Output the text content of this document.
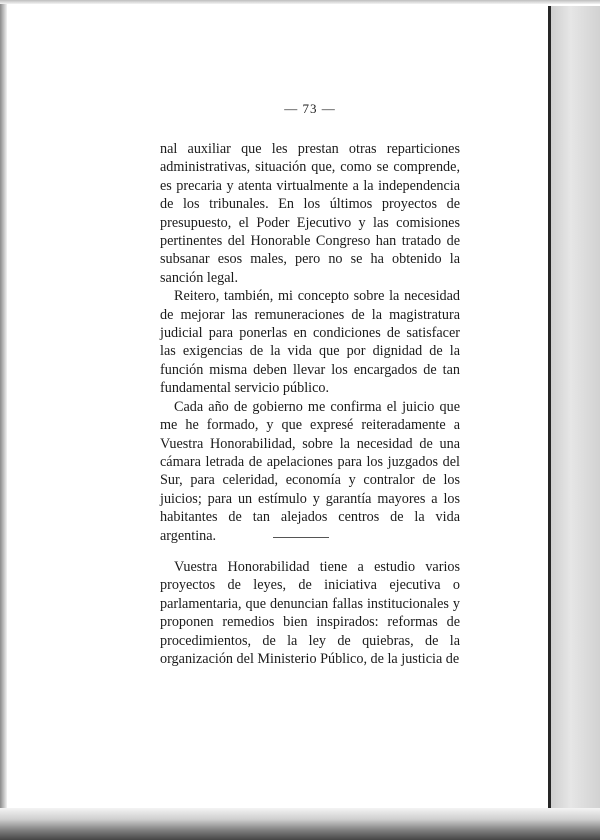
— 73 —

nal auxiliar que les prestan otras reparticiones administrativas, situación que, como se comprende, es precaria y atenta virtualmente a la independencia de los tribunales. En los últimos proyectos de presupuesto, el Poder Ejecutivo y las comisiones pertinentes del Honorable Congreso han tratado de subsanar esos males, pero no se ha obtenido la sanción legal.

Reitero, también, mi concepto sobre la necesidad de mejorar las remuneraciones de la magistratura judicial para ponerlas en condiciones de satisfacer las exigencias de la vida que por dignidad de la función misma deben llevar los encargados de tan fundamental servicio público.

Cada año de gobierno me confirma el juicio que me he formado, y que expresé reiteradamente a Vuestra Honorabilidad, sobre la necesidad de una cámara letrada de apelaciones para los juzgados del Sur, para celeridad, economía y contralor de los juicios; para un estímulo y garantía mayores a los habitantes de tan alejados centros de la vida argentina.

Vuestra Honorabilidad tiene a estudio varios proyectos de leyes, de iniciativa ejecutiva o parlamentaria, que denuncian fallas institucionales y proponen remedios bien inspirados: reformas de procedimientos, de la ley de quiebras, de la organización del Ministerio Público, de la justicia de
